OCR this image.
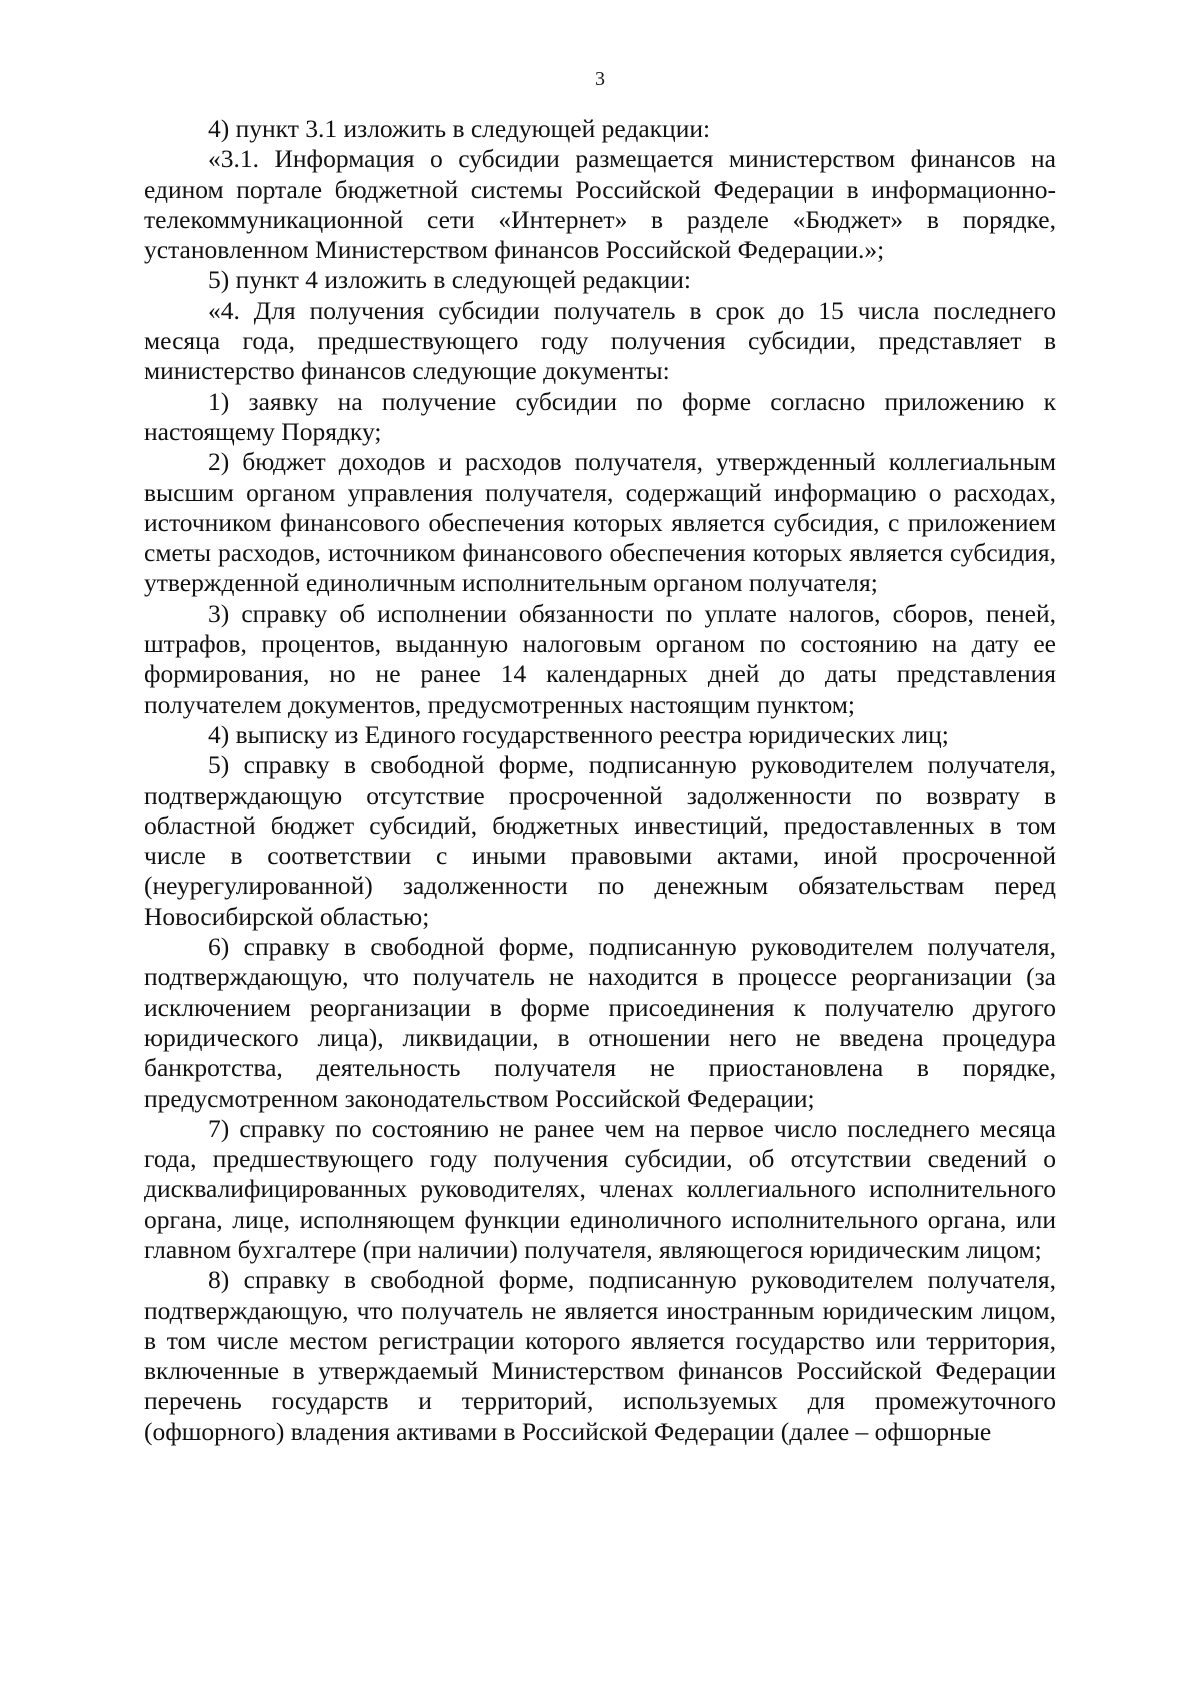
3

4) пункт 3.1 изложить в следующей редакции:

«3.1. Информация о субсидии размещается министерством финансов на едином портале бюджетной системы Российской Федерации в информационно-телекоммуникационной сети «Интернет» в разделе «Бюджет» в порядке, установленном Министерством финансов Российской Федерации.»;

5) пункт 4 изложить в следующей редакции:

«4. Для получения субсидии получатель в срок до 15 числа последнего месяца года, предшествующего году получения субсидии, представляет в министерство финансов следующие документы:

1) заявку на получение субсидии по форме согласно приложению к настоящему Порядку;

2) бюджет доходов и расходов получателя, утвержденный коллегиальным высшим органом управления получателя, содержащий информацию о расходах, источником финансового обеспечения которых является субсидия, с приложением сметы расходов, источником финансового обеспечения которых является субсидия, утвержденной единоличным исполнительным органом получателя;

3) справку об исполнении обязанности по уплате налогов, сборов, пеней, штрафов, процентов, выданную налоговым органом по состоянию на дату ее формирования, но не ранее 14 календарных дней до даты представления получателем документов, предусмотренных настоящим пунктом;

4) выписку из Единого государственного реестра юридических лиц;

5) справку в свободной форме, подписанную руководителем получателя, подтверждающую отсутствие просроченной задолженности по возврату в областной бюджет субсидий, бюджетных инвестиций, предоставленных в том числе в соответствии с иными правовыми актами, иной просроченной (неурегулированной) задолженности по денежным обязательствам перед Новосибирской областью;

6) справку в свободной форме, подписанную руководителем получателя, подтверждающую, что получатель не находится в процессе реорганизации (за исключением реорганизации в форме присоединения к получателю другого юридического лица), ликвидации, в отношении него не введена процедура банкротства, деятельность получателя не приостановлена в порядке, предусмотренном законодательством Российской Федерации;

7) справку по состоянию не ранее чем на первое число последнего месяца года, предшествующего году получения субсидии, об отсутствии сведений о дисквалифицированных руководителях, членах коллегиального исполнительного органа, лице, исполняющем функции единоличного исполнительного органа, или главном бухгалтере (при наличии) получателя, являющегося юридическим лицом;

8) справку в свободной форме, подписанную руководителем получателя, подтверждающую, что получатель не является иностранным юридическим лицом, в том числе местом регистрации которого является государство или территория, включенные в утверждаемый Министерством финансов Российской Федерации перечень государств и территорий, используемых для промежуточного (офшорного) владения активами в Российской Федерации (далее – офшорные
